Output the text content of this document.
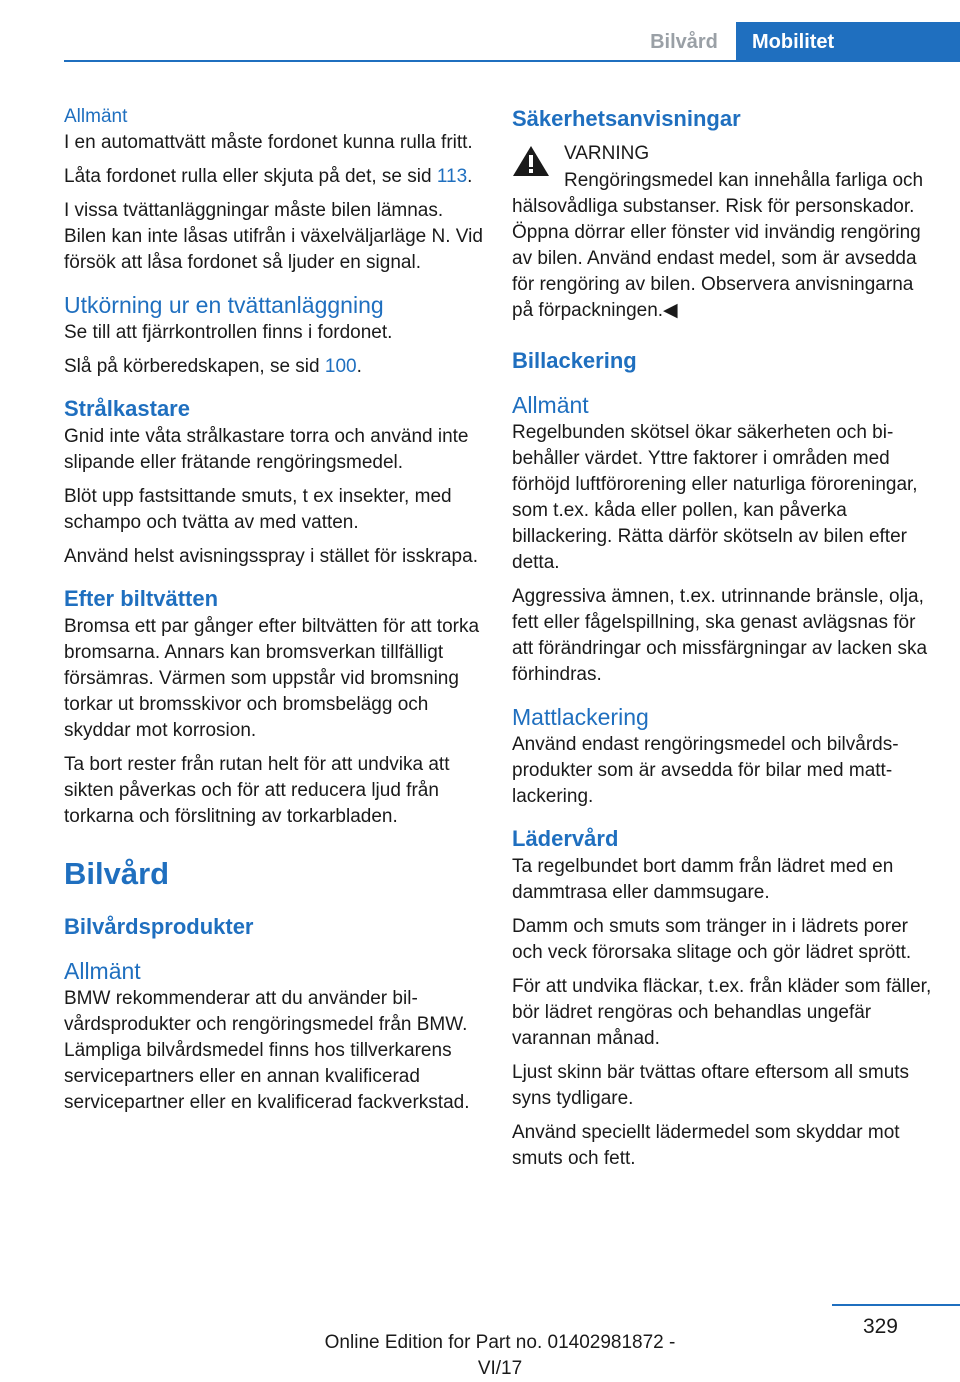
Bilvård	Mobilitet
Allmänt

I en automattvätt måste fordonet kunna rulla fritt.

Låta fordonet rulla eller skjuta på det, se sid 113.

I vissa tvättanläggningar måste bilen lämnas. Bilen kan inte låsas utifrån i växelväljarläge N. Vid försök att låsa fordonet så ljuder en signal.

Utkörning ur en tvättanläggning

Se till att fjärrkontrollen finns i fordonet.

Slå på körberedskapen, se sid 100.

Strålkastare

Gnid inte våta strålkastare torra och använd inte slipande eller frätande rengöringsmedel.

Blöt upp fastsittande smuts, t ex insekter, med schampo och tvätta av med vatten.

Använd helst avisningsspray i stället för isskrapa.

Efter biltvätten

Bromsa ett par gånger efter biltvätten för att torka bromsarna. Annars kan bromsverkan tillfälligt försämras. Värmen som uppstår vid bromsning torkar ut bromsskivor och bromsbelägg och skyddar mot korrosion.

Ta bort rester från rutan helt för att undvika att sikten påverkas och för att reducera ljud från torkarna och förslitning av torkarbladen.

Bilvård
Bilvårdsprodukter
Allmänt

BMW rekommenderar att du använder bilvårdsprodukter och rengöringsmedel från BMW. Lämpliga bilvårdsmedel finns hos tillverkarens servicepartners eller en annan kvalificerad servicepartner eller en kvalificerad fackverkstad.

Säkerhetsanvisningar

VARNING

Rengöringsmedel kan innehålla farliga och hälsovådliga substanser. Risk för personskador. Öppna dörrar eller fönster vid invändig rengöring av bilen. Använd endast medel, som är avsedda för rengöring av bilen. Observera anvisningarna på förpackningen.◀

Billackering
Allmänt

Regelbunden skötsel ökar säkerheten och bibehåller värdet. Yttre faktorer i områden med förhöjd luftförorening eller naturliga föroreningar, som t.ex. kåda eller pollen, kan påverka billackering. Rätta därför skötseln av bilen efter detta.

Aggressiva ämnen, t.ex. utrinnande bränsle, olja, fett eller fågelspillning, ska genast avlägsnas för att förändringar och missfärgningar av lacken ska förhindras.

Mattlackering

Använd endast rengöringsmedel och bilvårdsprodukter som är avsedda för bilar med mattlackering.

Lädervård

Ta regelbundet bort damm från lädret med en dammtrasa eller dammsugare.

Damm och smuts som tränger in i lädrets porer och veck förorsaka slitage och gör lädret sprött.

För att undvika fläckar, t.ex. från kläder som fäller, bör lädret rengöras och behandlas ungefär varannan månad.

Ljust skinn bär tvättas oftare eftersom all smuts syns tydligare.

Använd speciellt lädermedel som skyddar mot smuts och fett.

329
Online Edition for Part no. 01402981872 - VI/17
